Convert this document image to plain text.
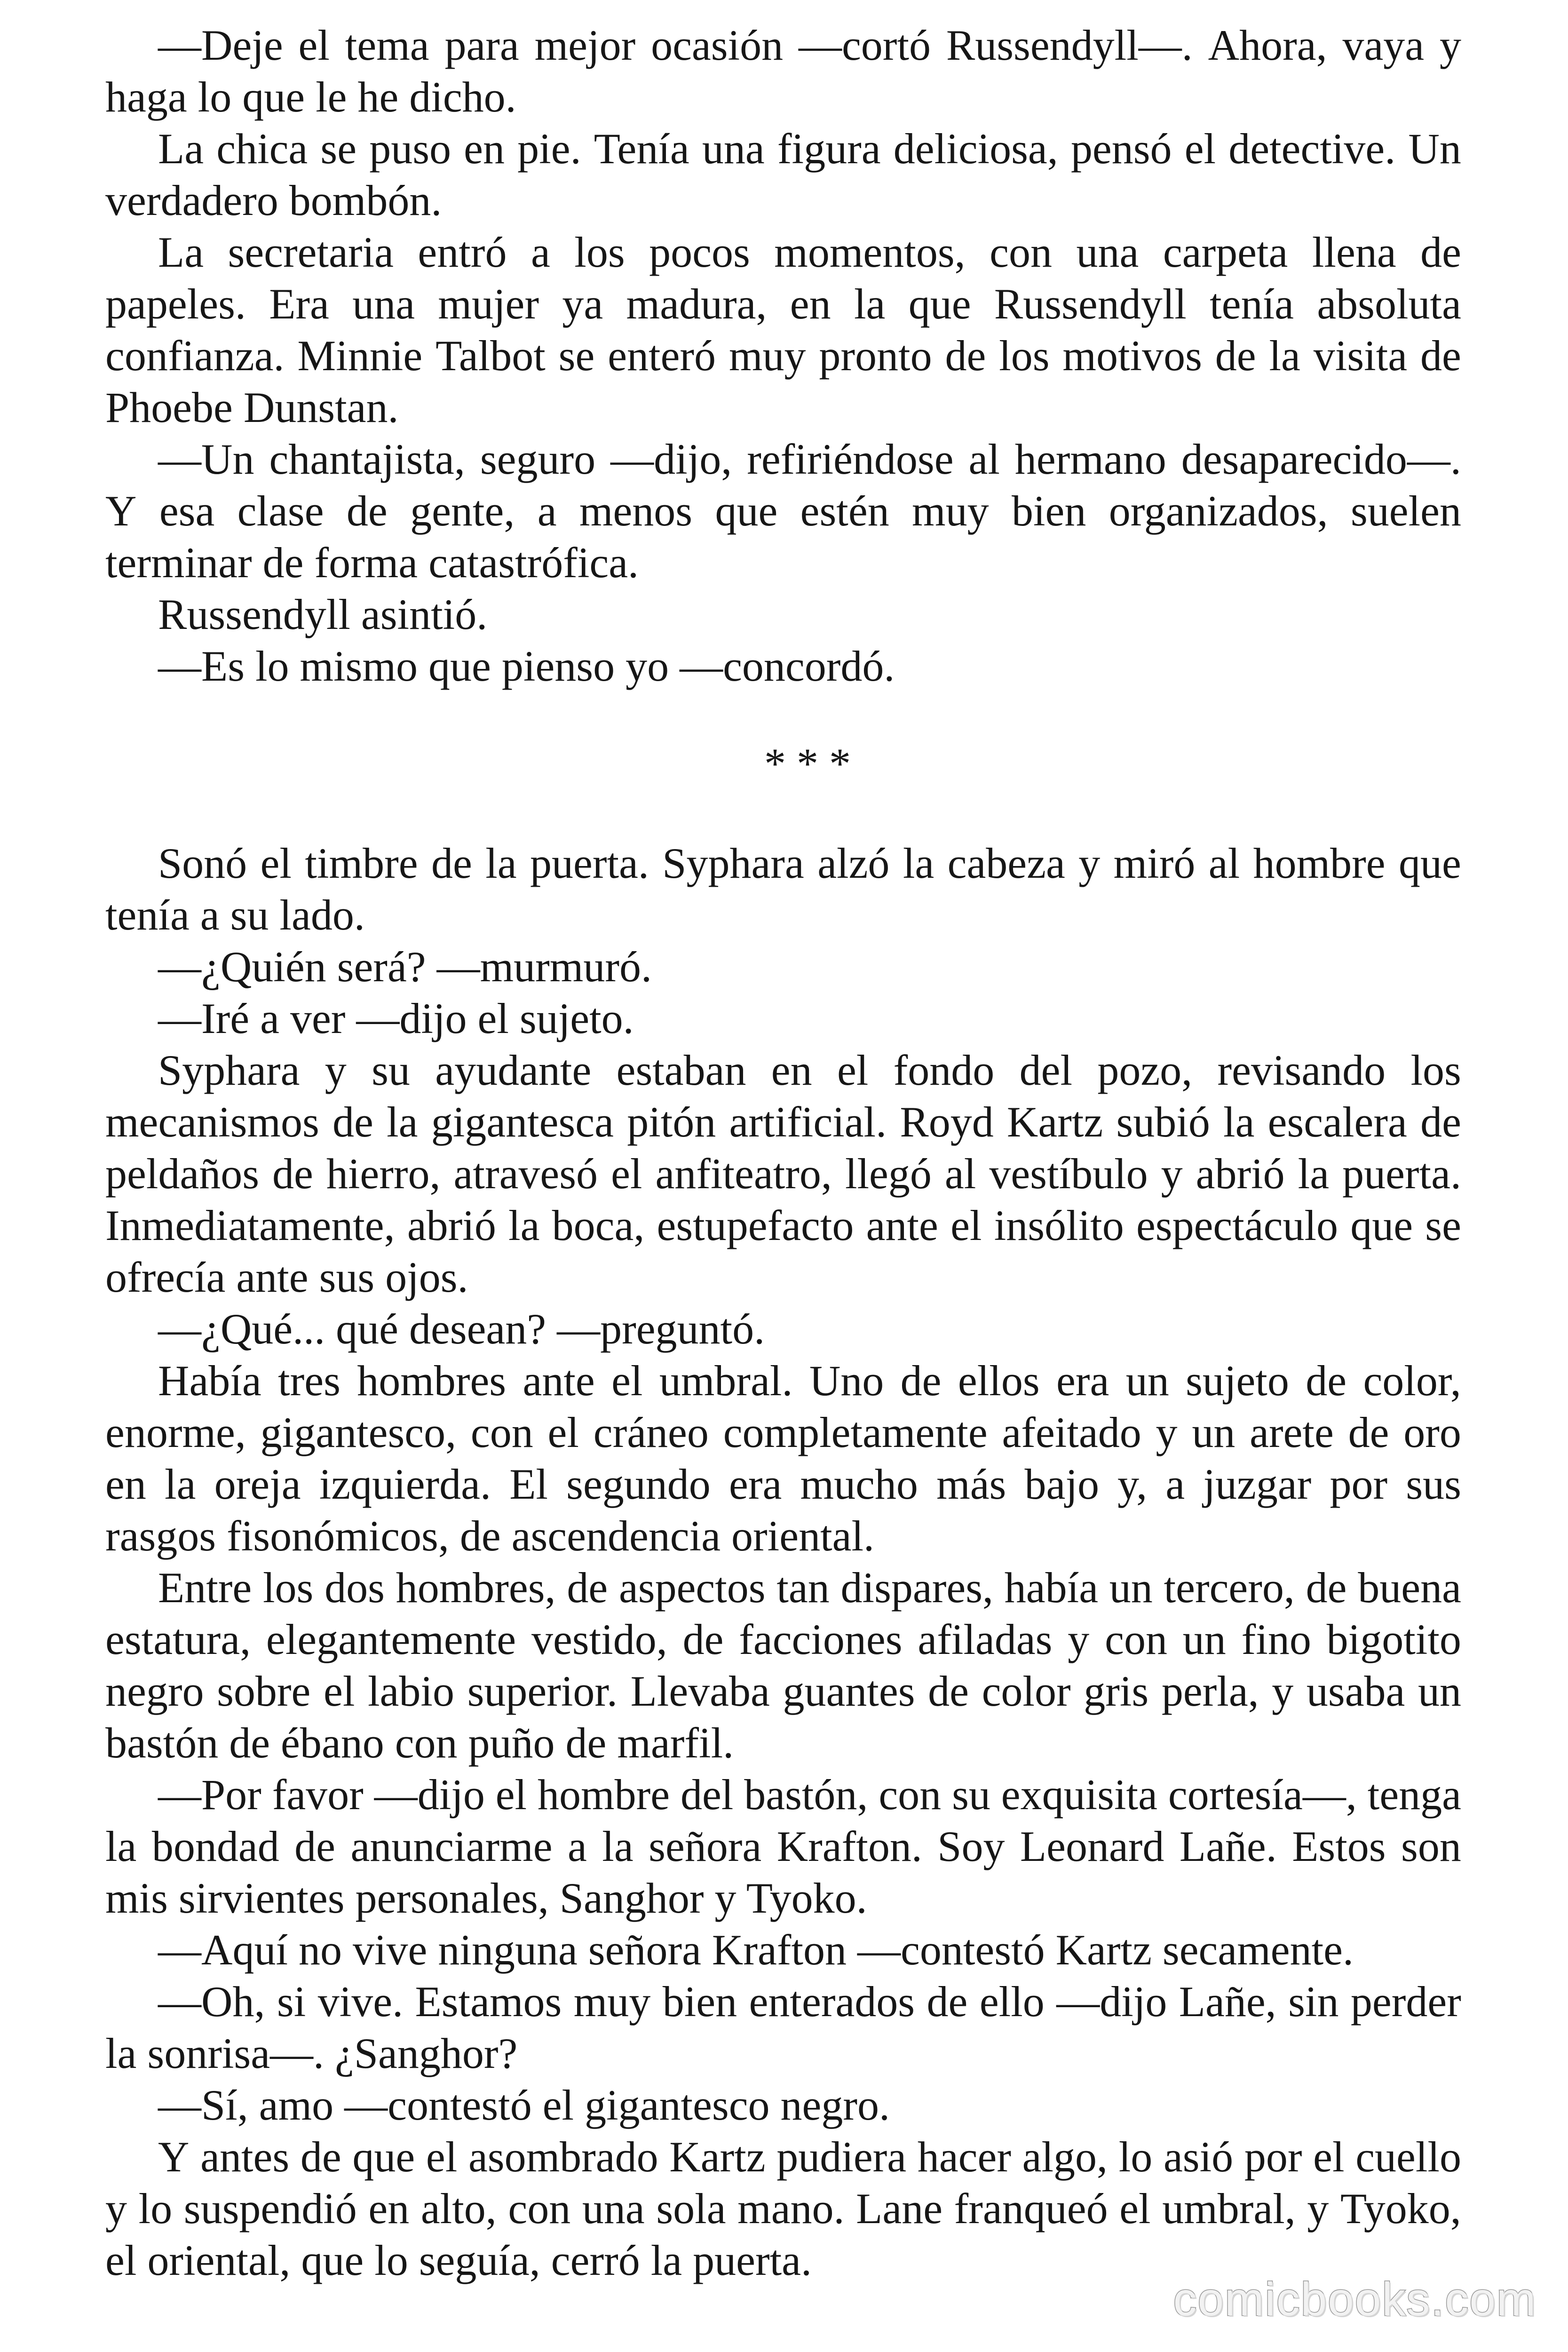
—Deje el tema para mejor ocasión —cortó Russendyll—. Ahora, vaya y
haga lo que le he dicho.
La chica se puso en pie. Tenía una figura deliciosa, pensó el detective. Un
verdadero bombón.
La secretaria entró a los pocos momentos, con una carpeta llena de
papeles. Era una mujer ya madura, en la que Russendyll tenía absoluta
confianza. Minnie Talbot se enteró muy pronto de los motivos de la visita de
Phoebe Dunstan.
—Un chantajista, seguro —dijo, refiriéndose al hermano desaparecido—.
Y esa clase de gente, a menos que estén muy bien organizados, suelen
terminar de forma catastrófica.
Russendyll asintió.
—Es lo mismo que pienso yo —concordó.
* * *
Sonó el timbre de la puerta. Syphara alzó la cabeza y miró al hombre que
tenía a su lado.
—¿Quién será? —murmuró.
—Iré a ver —dijo el sujeto.
Syphara y su ayudante estaban en el fondo del pozo, revisando los
mecanismos de la gigantesca pitón artificial. Royd Kartz subió la escalera de
peldaños de hierro, atravesó el anfiteatro, llegó al vestíbulo y abrió la puerta.
Inmediatamente, abrió la boca, estupefacto ante el insólito espectáculo que se
ofrecía ante sus ojos.
—¿Qué... qué desean? —preguntó.
Había tres hombres ante el umbral. Uno de ellos era un sujeto de color,
enorme, gigantesco, con el cráneo completamente afeitado y un arete de oro
en la oreja izquierda. El segundo era mucho más bajo y, a juzgar por sus
rasgos fisonómicos, de ascendencia oriental.
Entre los dos hombres, de aspectos tan dispares, había un tercero, de buena
estatura, elegantemente vestido, de facciones afiladas y con un fino bigotito
negro sobre el labio superior. Llevaba guantes de color gris perla, y usaba un
bastón de ébano con puño de marfil.
—Por favor —dijo el hombre del bastón, con su exquisita cortesía—, tenga
la bondad de anunciarme a la señora Krafton. Soy Leonard Lañe. Estos son
mis sirvientes personales, Sanghor y Tyoko.
—Aquí no vive ninguna señora Krafton —contestó Kartz secamente.
—Oh, si vive. Estamos muy bien enterados de ello —dijo Lañe, sin perder
la sonrisa—. ¿Sanghor?
—Sí, amo —contestó el gigantesco negro.
Y antes de que el asombrado Kartz pudiera hacer algo, lo asió por el cuello
y lo suspendió en alto, con una sola mano. Lane franqueó el umbral, y Tyoko,
el oriental, que lo seguía, cerró la puerta.
comicbooks.com
